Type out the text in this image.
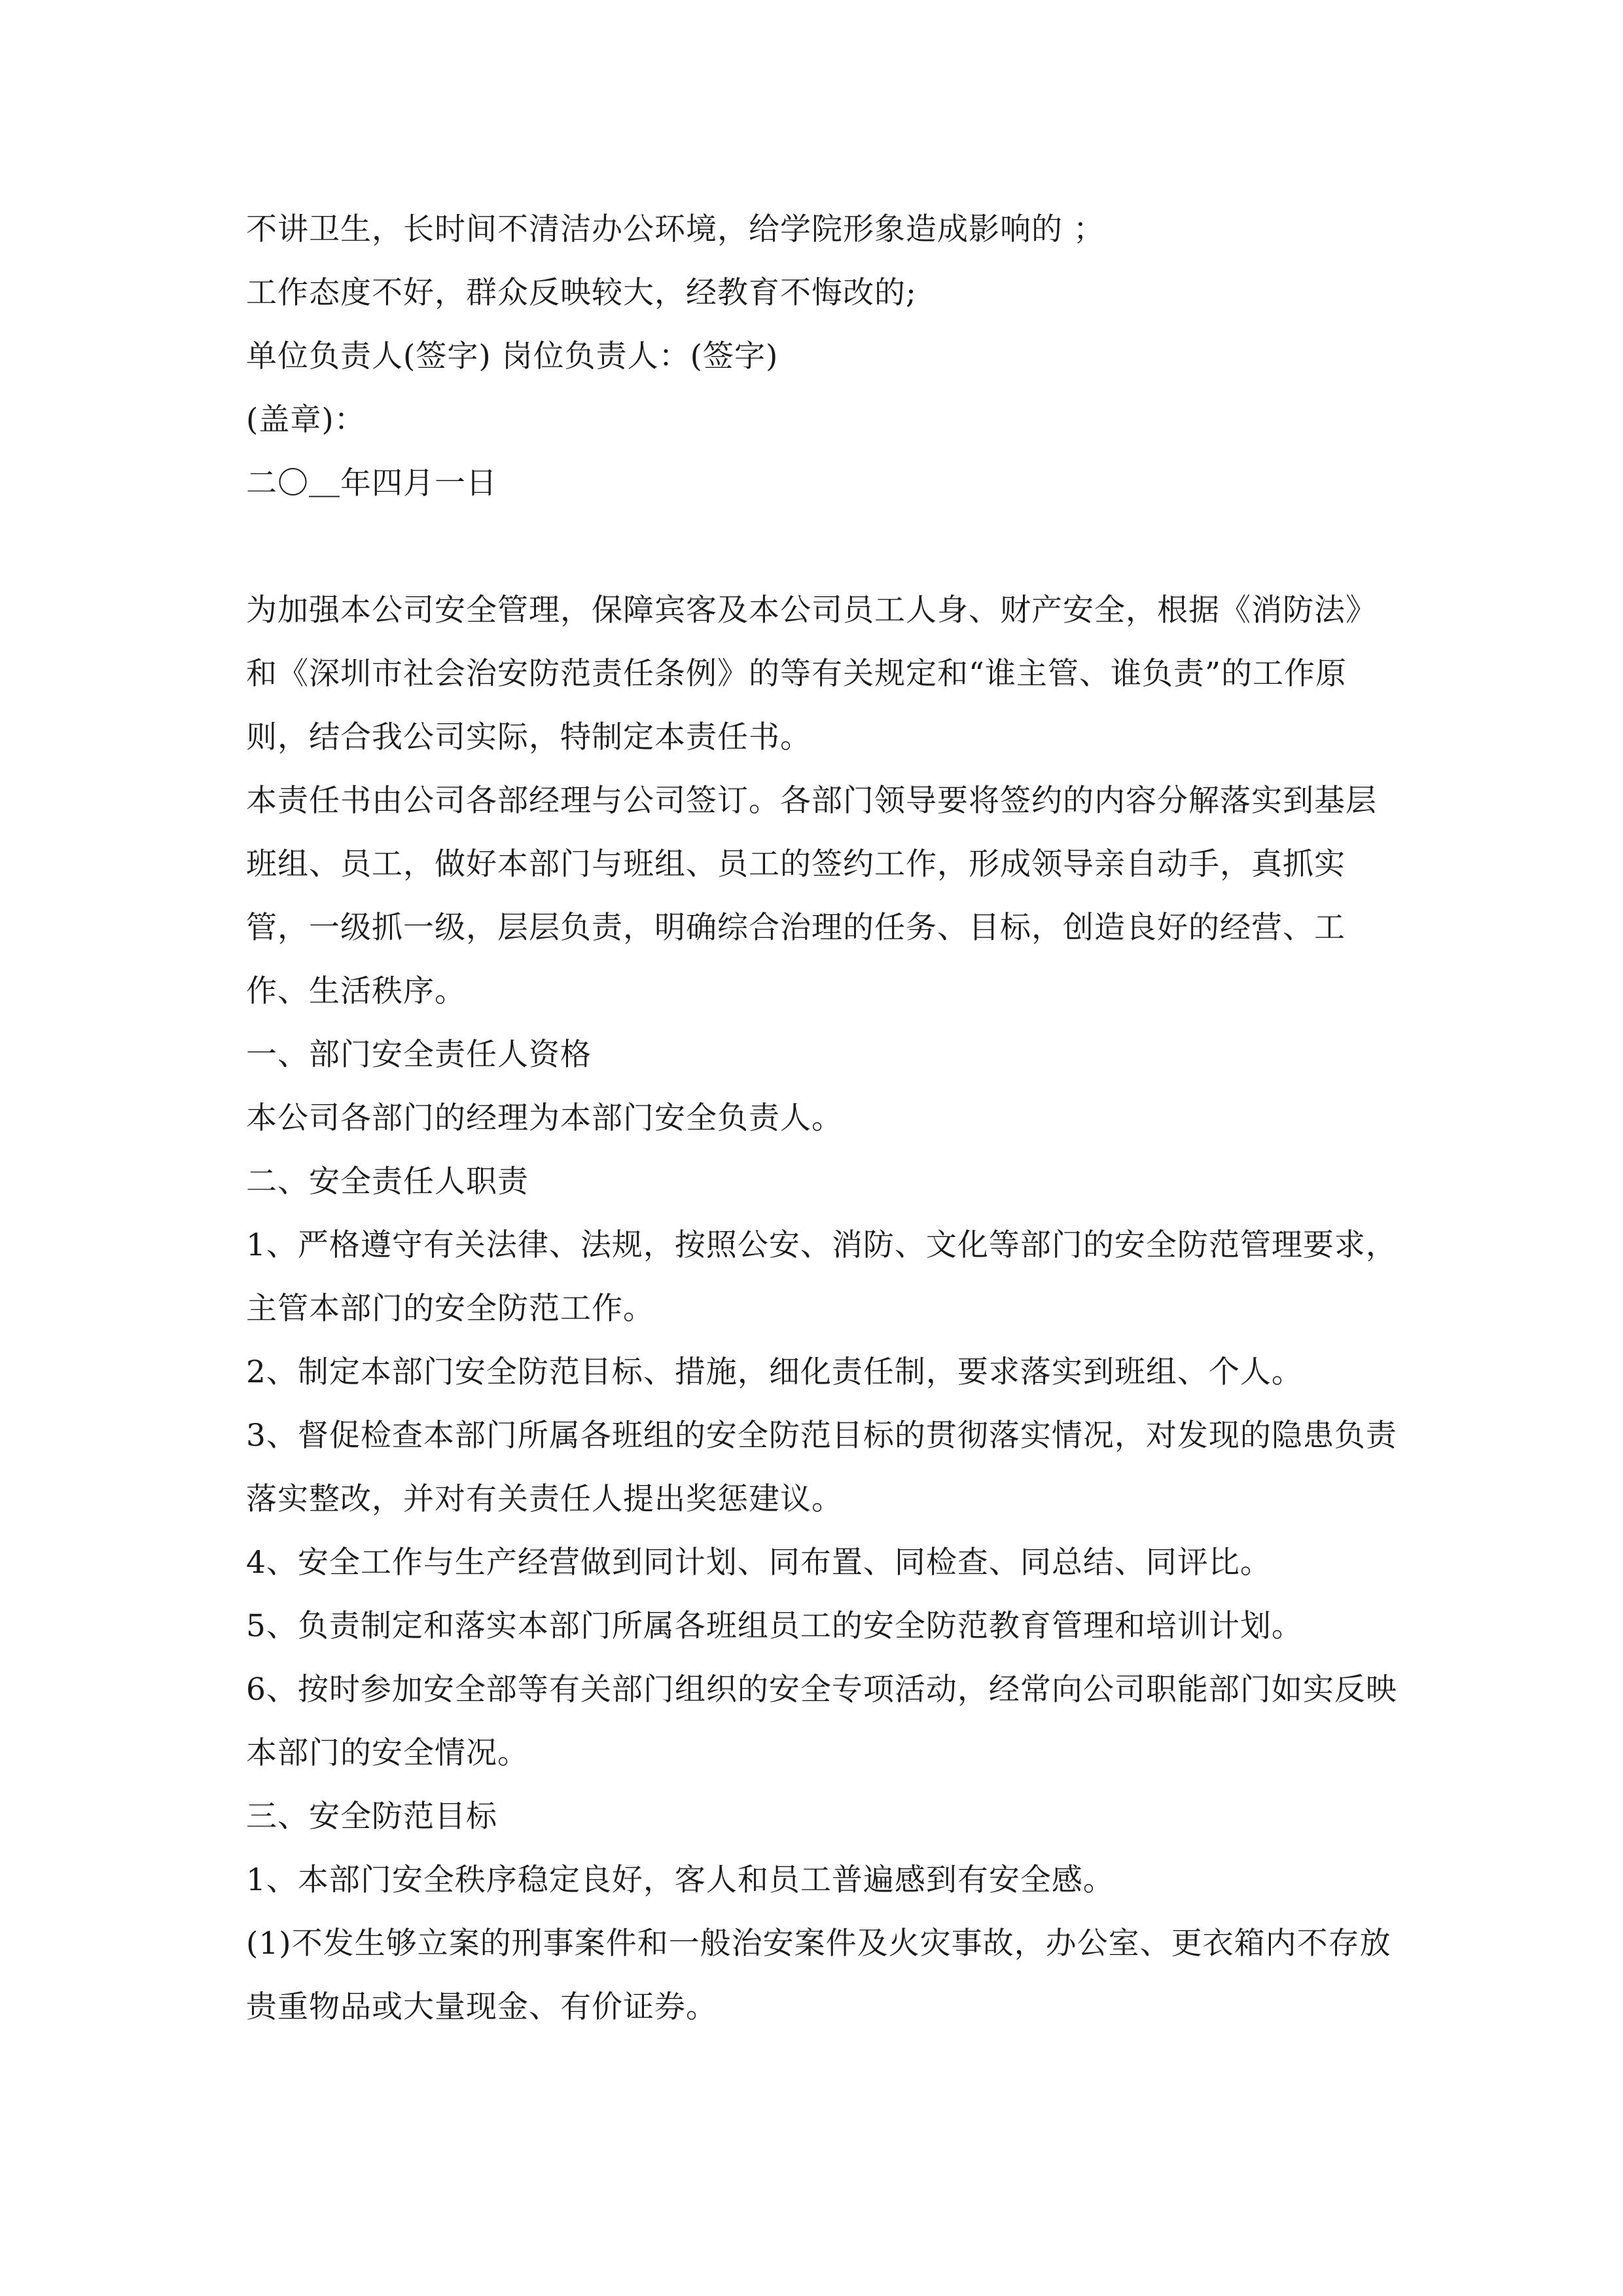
不讲卫生，长时间不清洁办公环境，给学院形象造成影响的 ；

工作态度不好，群众反映较大，经教育不悔改的;

单位负责人(签字) 岗位负责人：(签字)

(盖章)：

二〇＿年四月一日

为加强本公司安全管理，保障宾客及本公司员工人身、财产安全，根据《消防法》和《深圳市社会治安防范责任条例》的等有关规定和“谁主管、谁负责”的工作原则，结合我公司实际，特制定本责任书。

本责任书由公司各部经理与公司签订。各部门领导要将签约的内容分解落实到基层班组、员工，做好本部门与班组、员工的签约工作，形成领导亲自动手，真抓实管，一级抓一级，层层负责，明确综合治理的任务、目标，创造良好的经营、工作、生活秩序。

一、部门安全责任人资格

本公司各部门的经理为本部门安全负责人。

二、安全责任人职责

1、严格遵守有关法律、法规，按照公安、消防、文化等部门的安全防范管理要求，主管本部门的安全防范工作。

2、制定本部门安全防范目标、措施，细化责任制，要求落实到班组、个人。

3、督促检查本部门所属各班组的安全防范目标的贯彻落实情况，对发现的隐患负责落实整改，并对有关责任人提出奖惩建议。

4、安全工作与生产经营做到同计划、同布置、同检查、同总结、同评比。

5、负责制定和落实本部门所属各班组员工的安全防范教育管理和培训计划。

6、按时参加安全部等有关部门组织的安全专项活动，经常向公司职能部门如实反映本部门的安全情况。

三、安全防范目标

1、本部门安全秩序稳定良好，客人和员工普遍感到有安全感。

(1)不发生够立案的刑事案件和一般治安案件及火灾事故，办公室、更衣箱内不存放贵重物品或大量现金、有价证券。
